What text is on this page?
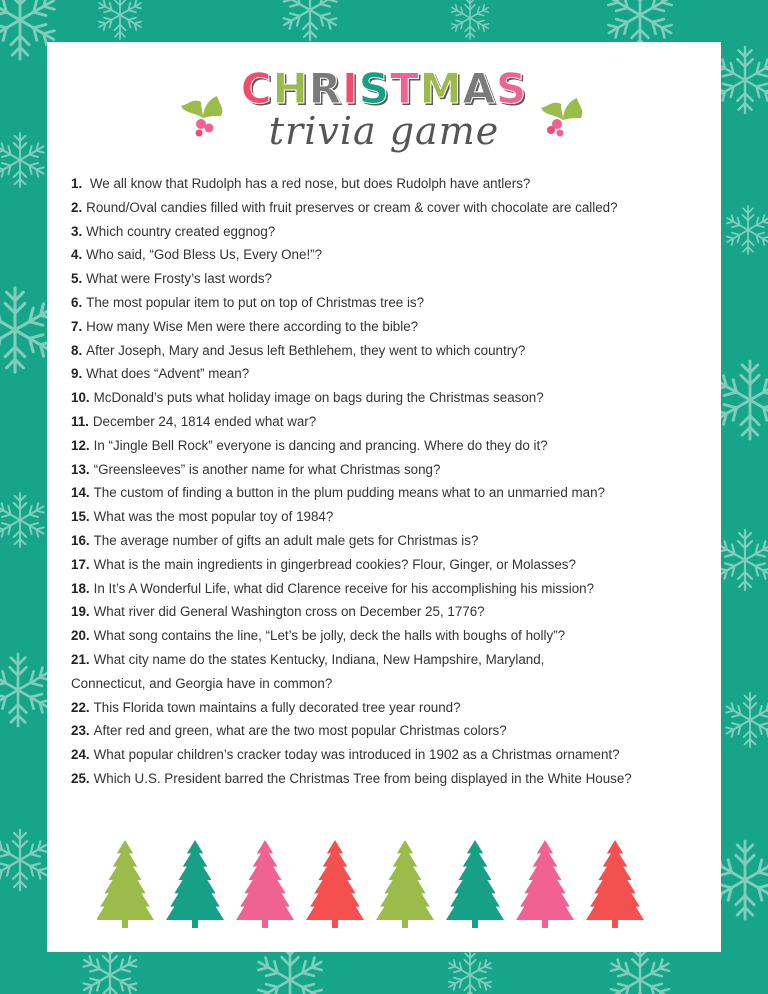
CHRISTMAS
trivia game
1. We all know that Rudolph has a red nose, but does Rudolph have antlers?
2. Round/Oval candies filled with fruit preserves or cream & cover with chocolate are called?
3. Which country created eggnog?
4. Who said, “God Bless Us, Every One!”?
5. What were Frosty’s last words?
6. The most popular item to put on top of Christmas tree is?
7. How many Wise Men were there according to the bible?
8. After Joseph, Mary and Jesus left Bethlehem, they went to which country?
9. What does “Advent” mean?
10. McDonald’s puts what holiday image on bags during the Christmas season?
11. December 24, 1814 ended what war?
12. In “Jingle Bell Rock” everyone is dancing and prancing. Where do they do it?
13. “Greensleeves” is another name for what Christmas song?
14. The custom of finding a button in the plum pudding means what to an unmarried man?
15. What was the most popular toy of 1984?
16. The average number of gifts an adult male gets for Christmas is?
17. What is the main ingredients in gingerbread cookies? Flour, Ginger, or Molasses?
18. In It’s A Wonderful Life, what did Clarence receive for his accomplishing his mission?
19. What river did General Washington cross on December 25, 1776?
20. What song contains the line, “Let’s be jolly, deck the halls with boughs of holly”?
21. What city name do the states Kentucky, Indiana, New Hampshire, Maryland,
Connecticut, and Georgia have in common?
22. This Florida town maintains a fully decorated tree year round?
23. After red and green, what are the two most popular Christmas colors?
24. What popular children’s cracker today was introduced in 1902 as a Christmas ornament?
25. Which U.S. President barred the Christmas Tree from being displayed in the White House?
